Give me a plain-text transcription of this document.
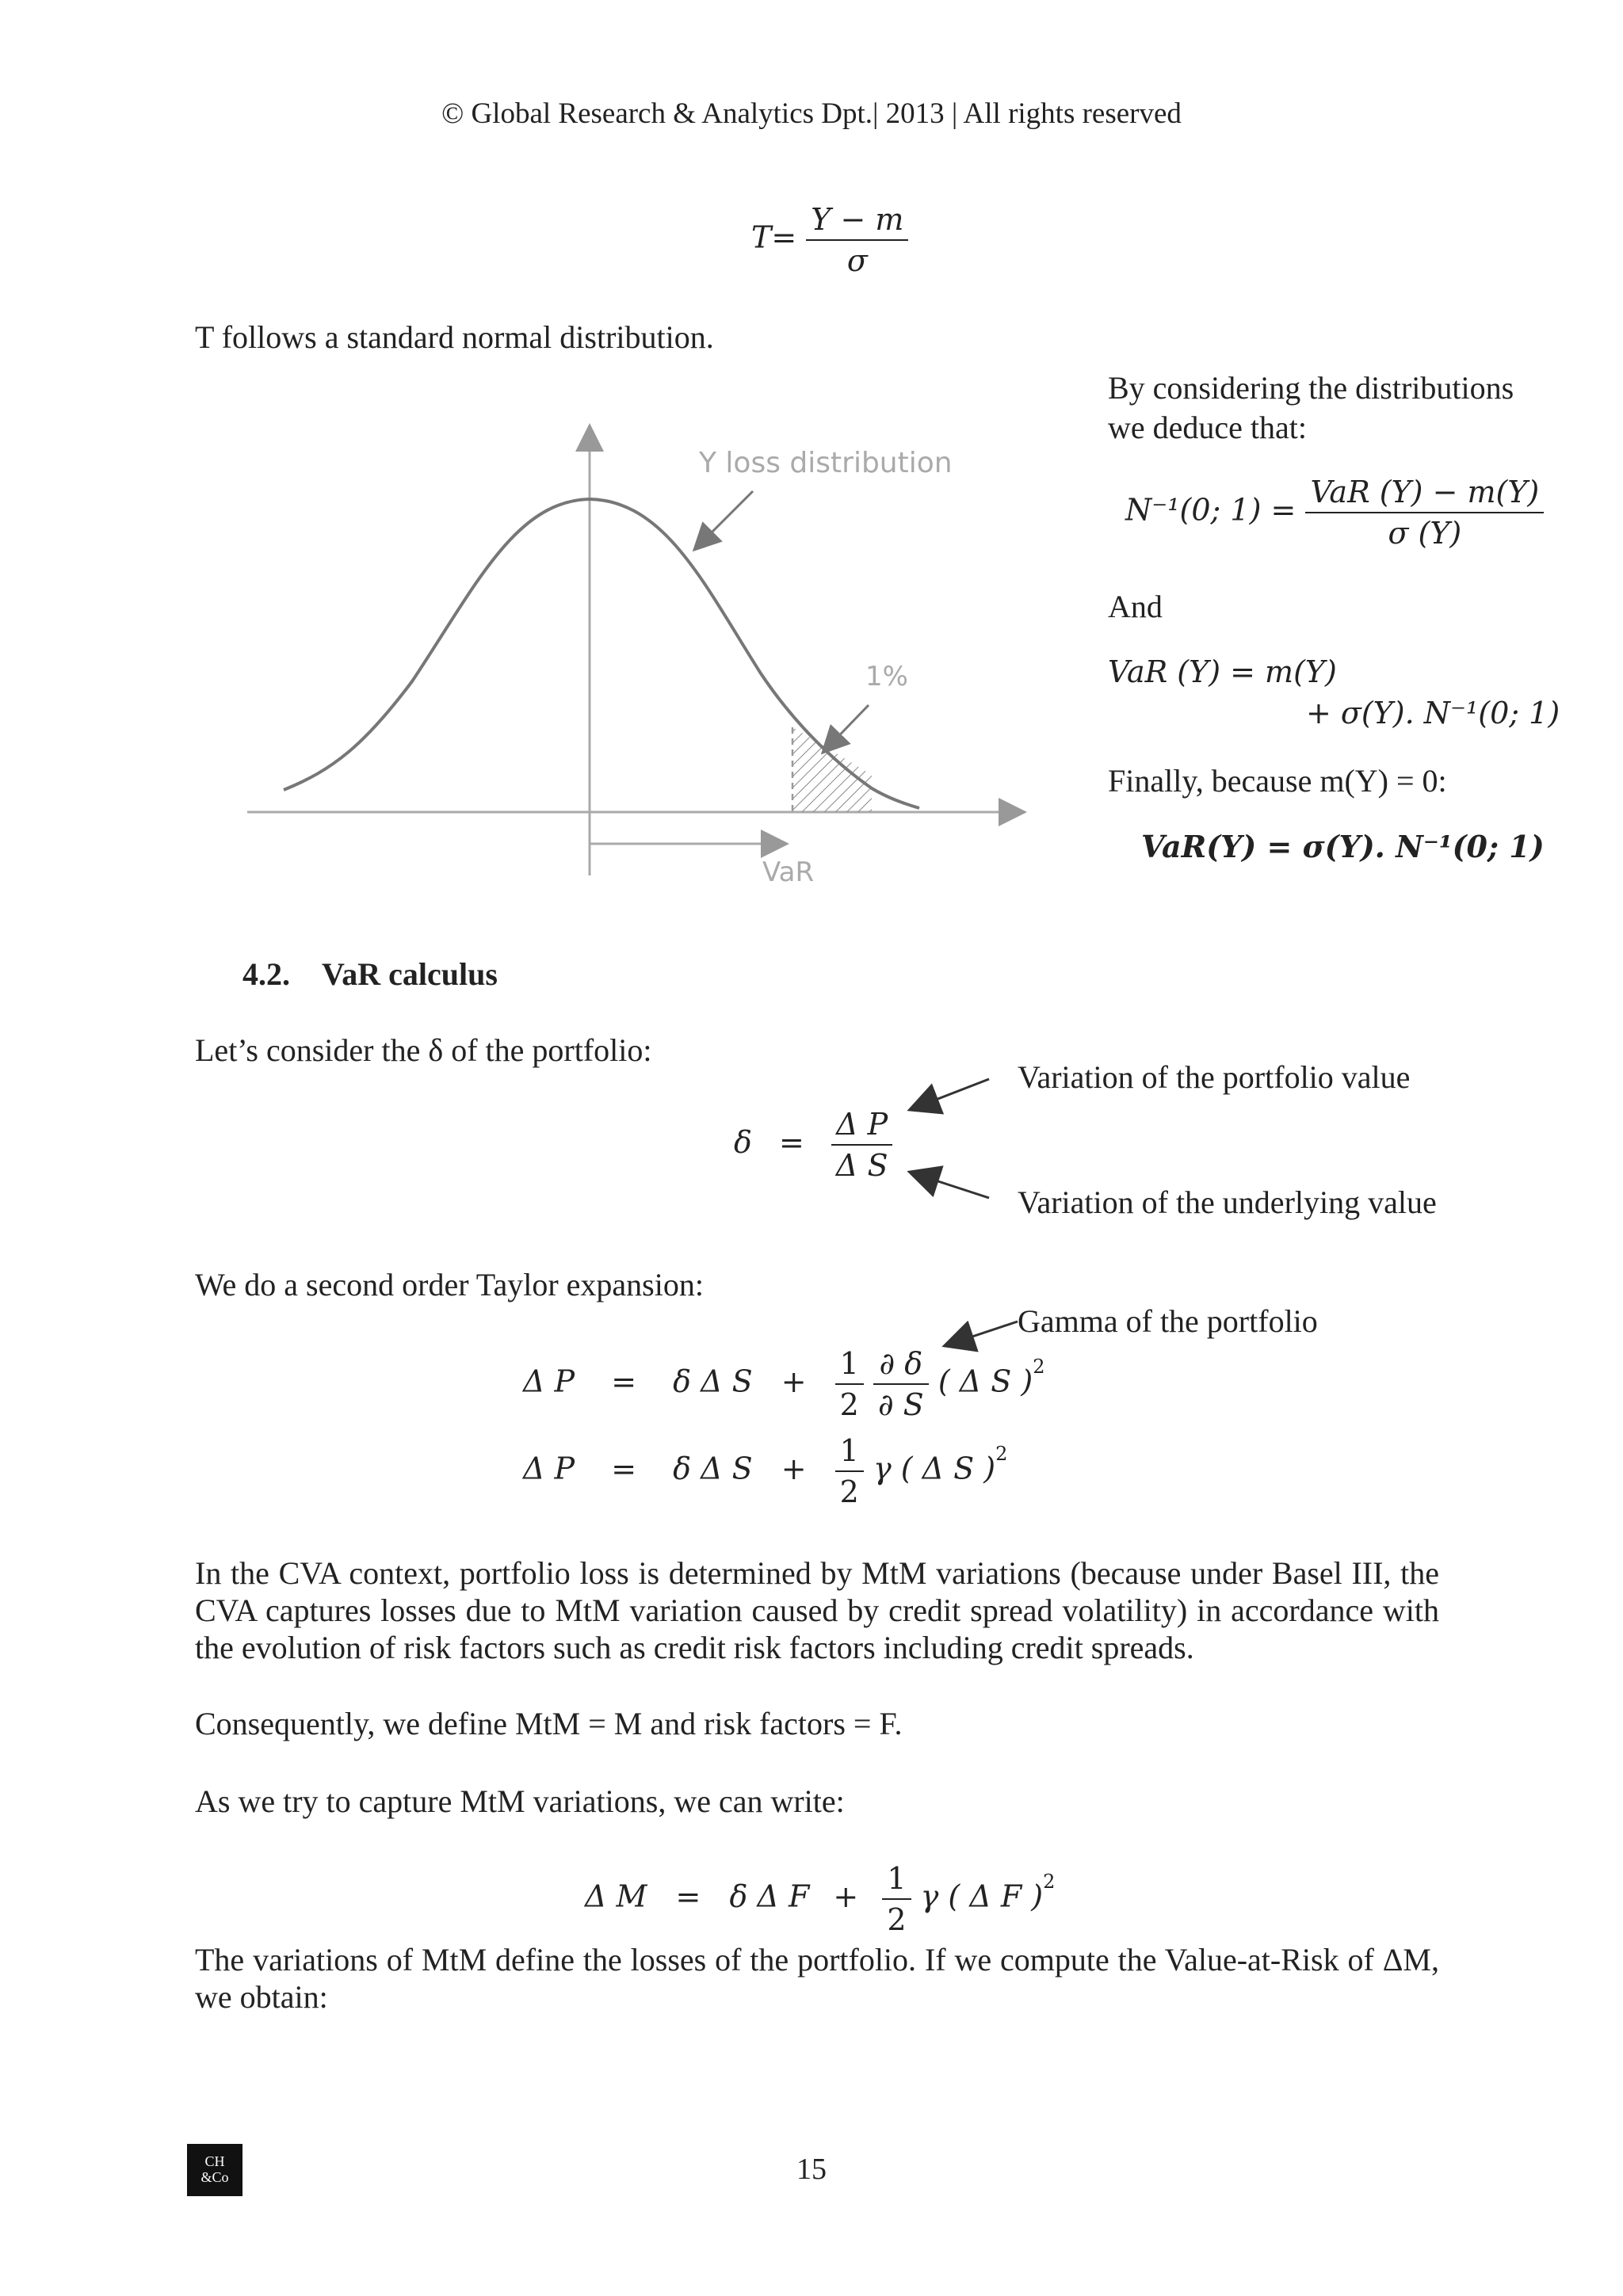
© Global Research & Analytics Dpt.| 2013 | All rights reserved
$T= \frac{Y - m}{\sigma}$
T follows a standard normal distribution.
Y loss distribution
1%
VaR
By considering the distributions
we deduce that:
N⁻¹(0; $1) = \frac{\text{VaR (Y) − m(Y)}}{\sigma (Y)}$
And
VaR (Y) = m(Y)
+ σ(Y). N⁻¹(0; 1)
Finally, because m(Y) = 0:
VaR(Y) = σ(Y). N⁻¹(0; 1)
4.2. VaR calculus
Let’s consider the δ of the portfolio:
$\delta = \frac{\text{Δ P}}{\text{Δ S}}$
Variation of the portfolio value
Variation of the underlying value
We do a second order Taylor expansion:
Gamma of the portfolio
Δ P = δ Δ $S + \frac{1}{2}$
$\frac{\partial \delta}{\partial S}$ ( Δ S )$^2$
Δ P = δ Δ $S + \frac{1}{2}$ γ ( Δ S )$^2$
In the CVA context, portfolio loss is determined by MtM variations (because under Basel III, the CVA captures losses due to MtM variation caused by credit spread volatility) in accordance with the evolution of risk factors such as credit risk factors including credit spreads.
Consequently, we define MtM = M and risk factors = F.
As we try to capture MtM variations, we can write:
Δ M = δ Δ $F + \frac{1}{2}$ γ ( Δ F )$^2$
The variations of MtM define the losses of the portfolio. If we compute the Value-at-Risk of ΔM, we obtain:
CH
&Co	15
